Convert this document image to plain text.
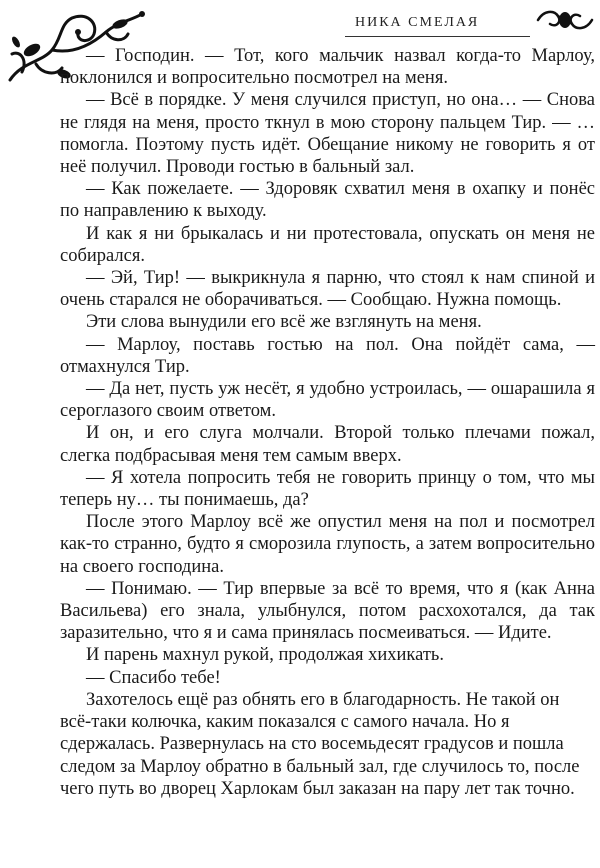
НИКА СМЕЛАЯ

— Господин. — Тот, кого мальчик назвал когда-то Марлоу, поклонился и вопросительно посмотрел на меня.

— Всё в порядке. У меня случился приступ, но она… — Снова не глядя на меня, просто ткнул в мою сторону пальцем Тир. — …помогла. Поэтому пусть идёт. Обещание никому не говорить я от неё получил. Проводи гостью в бальный зал.

— Как пожелаете. — Здоровяк схватил меня в охапку и понёс по направлению к выходу.

И как я ни брыкалась и ни протестовала, опускать он меня не собирался.

— Эй, Тир! — выкрикнула я парню, что стоял к нам спиной и очень старался не оборачиваться. — Сообщаю. Нужна помощь.

Эти слова вынудили его всё же взглянуть на меня.

— Марлоу, поставь гостью на пол. Она пойдёт сама, — отмахнулся Тир.

— Да нет, пусть уж несёт, я удобно устроилась, — ошарашила я сероглазого своим ответом.

И он, и его слуга молчали. Второй только плечами пожал, слегка подбрасывая меня тем самым вверх.

— Я хотела попросить тебя не говорить принцу о том, что мы теперь ну… ты понимаешь, да?

После этого Марлоу всё же опустил меня на пол и посмотрел как-то странно, будто я сморозила глупость, а затем вопросительно на своего господина.

— Понимаю. — Тир впервые за всё то время, что я (как Анна Васильева) его знала, улыбнулся, потом расхохотался, да так заразительно, что я и сама принялась посмеиваться. — Идите.

И парень махнул рукой, продолжая хихикать.

— Спасибо тебе!

Захотелось ещё раз обнять его в благодарность. Не такой он всё-таки колючка, каким показался с самого начала. Но я сдержалась. Развернулась на сто восемьдесят градусов и пошла следом за Марлоу обратно в бальный зал, где случилось то, после чего путь во дворец Харлокам был заказан на пару лет так точно.
